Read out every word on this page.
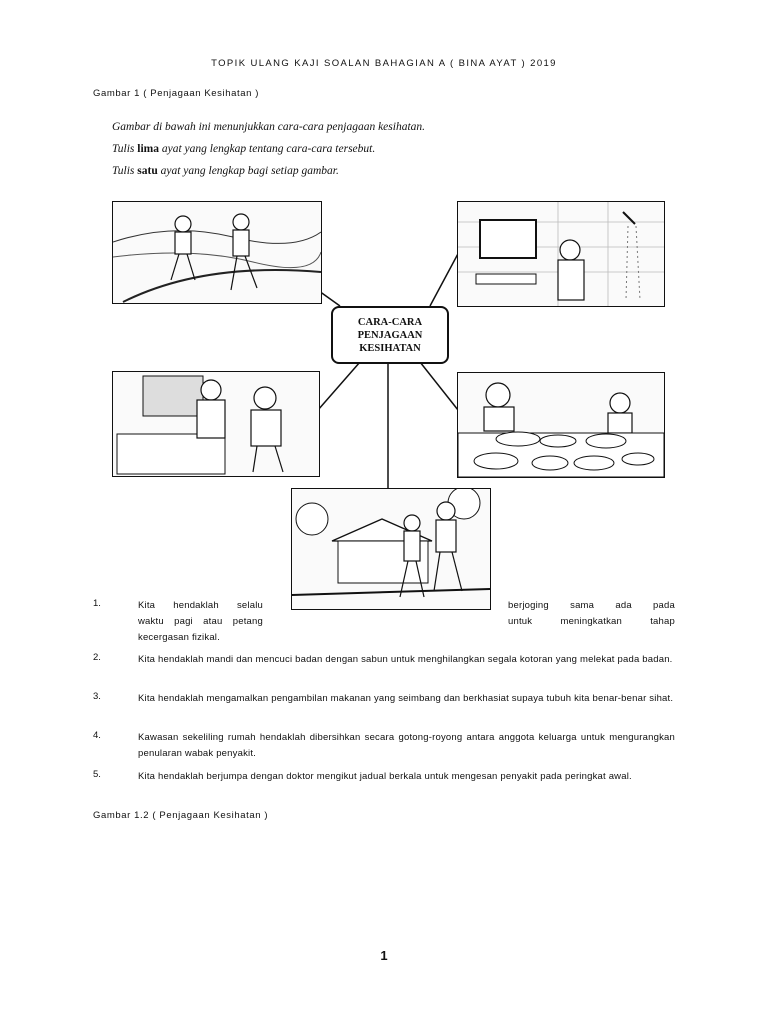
TOPIK ULANG KAJI SOALAN BAHAGIAN A ( BINA AYAT ) 2019
Gambar 1 ( Penjagaan Kesihatan )
Gambar di bawah ini menunjukkan cara-cara penjagaan kesihatan.
Tulis lima ayat yang lengkap tentang cara-cara tersebut.
Tulis satu ayat yang lengkap bagi setiap gambar.
CARA-CARA
PENJAGAAN
KESIHATAN
1.	Kita hendaklah selalu
waktu pagi atau petang
berjoging sama ada pada
untuk meningkatkan tahap
kecergasan fizikal.
2.	Kita hendaklah mandi dan mencuci badan dengan sabun untuk menghilangkan segala kotoran yang melekat pada badan.
3.	Kita hendaklah mengamalkan pengambilan makanan yang seimbang dan berkhasiat supaya tubuh kita benar-benar sihat.
4.	Kawasan sekeliling rumah hendaklah dibersihkan secara gotong-royong antara anggota keluarga untuk mengurangkan penularan wabak penyakit.
5.	Kita hendaklah berjumpa dengan doktor mengikut jadual berkala untuk mengesan penyakit pada peringkat awal.
Gambar 1.2 ( Penjagaan Kesihatan )
1
